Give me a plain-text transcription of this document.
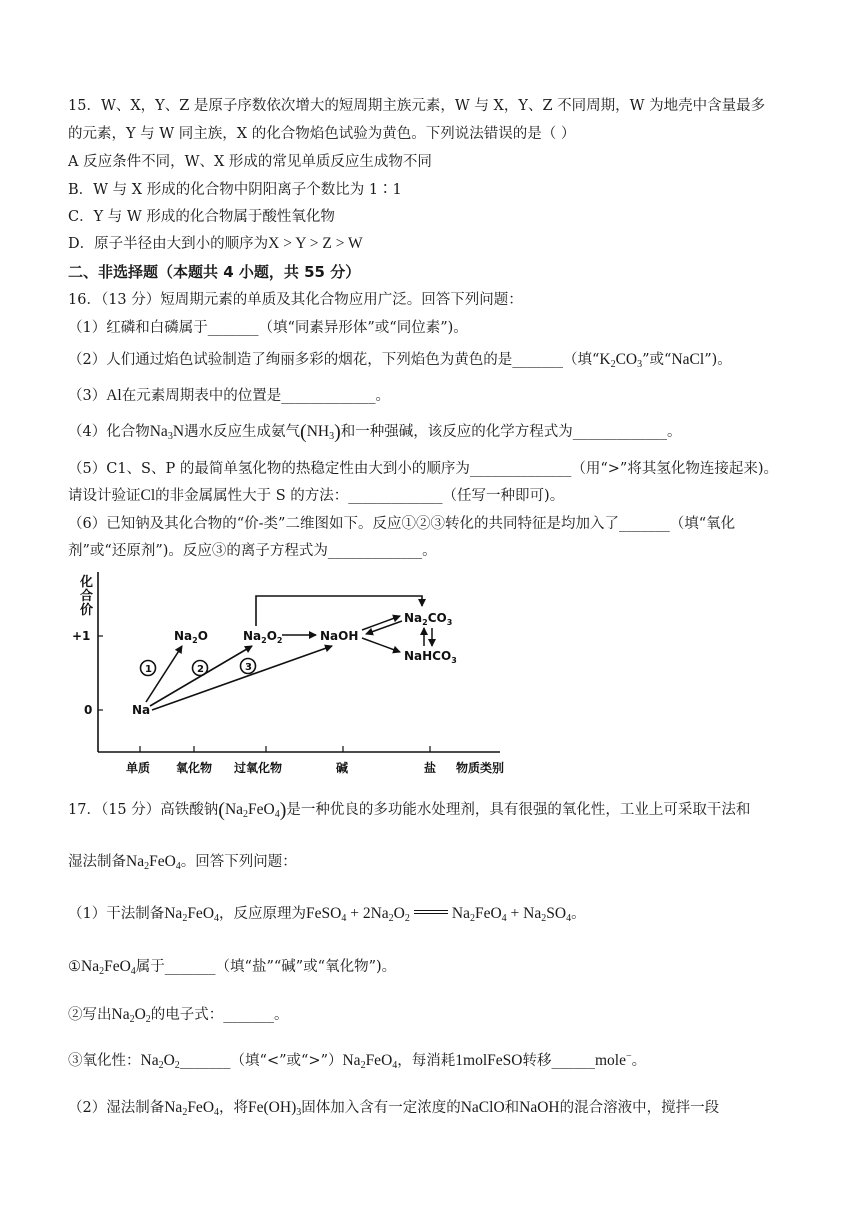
15．W、X，Y、Z 是原子序数依次增大的短周期主族元素，W 与 X，Y、Z 不同周期，W 为地壳中含量最多
的元素，Y 与 W 同主族，X 的化合物焰色试验为黄色。下列说法错误的是（ ）
A 反应条件不同，W、X 形成的常见单质反应生成物不同
B．W 与 X 形成的化合物中阴阳离子个数比为 1∶1
C．Y 与 W 形成的化合物属于酸性氧化物
D．原子半径由大到小的顺序为X > Y > Z > W
二、非选择题（本题共 4 小题，共 55 分）
16．（13 分）短周期元素的单质及其化合物应用广泛。回答下列问题：
（1）红磷和白磷属于_______（填“同素异形体”或“同位素”)。
（2）人们通过焰色试验制造了绚丽多彩的烟花，下列焰色为黄色的是_______（填“$K_2CO_3$”或“NaCl”)。
（3）Al在元素周期表中的位置是_____________。
（4）化合物$Na_3N$遇水反应生成氨气$(NH_3)$和一种强碱，该反应的化学方程式为_____________。
（5）C1、S、P 的最简单氢化物的热稳定性由大到小的顺序为______________（用“>”将其氢化物连接起来)。
请设计验证Cl的非金属属性大于 S 的方法：_____________（任写一种即可)。
（6）已知钠及其化合物的“价-类”二维图如下。反应①②③转化的共同特征是均加入了_______（填“氧化
剂”或“还原剂”)。反应③的离子方程式为_____________。
化
合
价
+1
0
单质 氧化物 过氧化物	碱	盐 物质类别
Na
$Na_2O$	$Na_2O_2$	NaOH
$Na_2CO_3$
NaHCO$_3$
1	2	3
17．（15 分）高铁酸钠$(Na_2FeO_4)$是一种优良的多功能水处理剂，具有很强的氧化性，工业上可采取干法和
湿法制备$Na_2FeO_4$。回答下列问题：
（1）干法制备$Na_2FeO_4$，反应原理为FeSO$_4$ + $2Na_2O_2$	$Na_2FeO_4 + Na_2SO_4$。
$①Na_2FeO_4$属于_______（填“盐”“碱”或“氧化物”)。
②写出$Na_2O_2$的电子式：_______。
③氧化性：$Na_2O_2\_\_\_\_\_\_\_$（填“<”或“$>”)Na_2FeO_4$，每消耗1molFeSO转移______mole−。
（2）湿法制备$Na_2FeO_4$，将$Fe(OH)_3$固体加入含有一定浓度的NaClO和NaOH的混合溶液中，搅拌一段
